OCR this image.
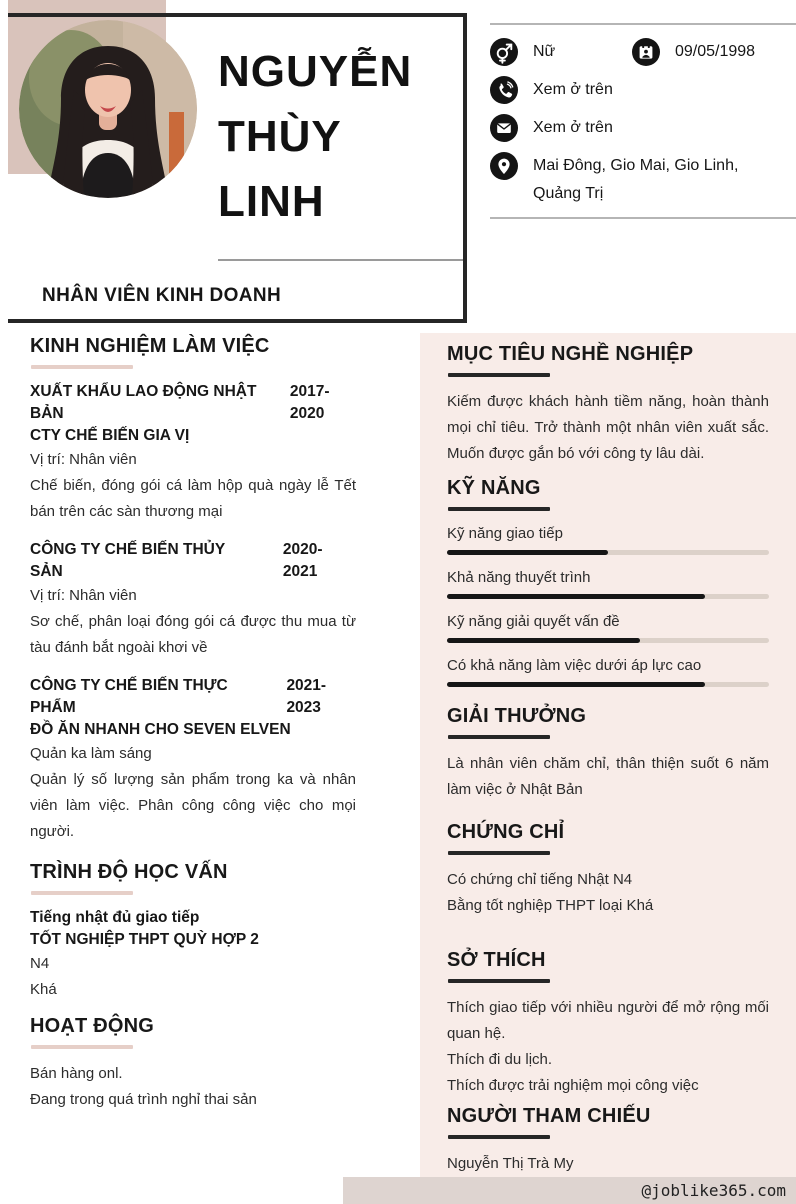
NGUYỄN
THÙY
LINH
NHÂN VIÊN KINH DOANH
Nữ	09/05/1998
Xem ở trên
Xem ở trên
Mai Đông, Gio Mai, Gio Linh, Quảng Trị
KINH NGHIỆM LÀM VIỆC
XUẤT KHẨU LAO ĐỘNG NHẬT BẢN
2017-2020
CTY CHẾ BIẾN GIA VỊ

Vị trí: Nhân viên

Chế biến, đóng gói cá làm hộp quà ngày lễ Tết bán trên các sàn thương mại

CÔNG TY CHẾ BIẾN THỦY SẢN
2020-2021

Vị trí: Nhân viên

Sơ chế, phân loại đóng gói cá được thu mua từ tàu đánh bắt ngoài khơi về

CÔNG TY CHẾ BIẾN THỰC PHẨM
2021-2023
ĐỒ ĂN NHANH CHO SEVEN ELVEN

Quản ka làm sáng

Quản lý số lượng sản phẩm trong ka và nhân viên làm việc. Phân công công việc cho mọi người.

TRÌNH ĐỘ HỌC VẤN

Tiếng nhật đủ giao tiếp

TỐT NGHIỆP THPT QUỲ HỢP 2

N4

Khá

HOẠT ĐỘNG

Bán hàng onl.

Đang trong quá trình nghỉ thai sản

MỤC TIÊU NGHỀ NGHIỆP

Kiếm được khách hành tiềm năng, hoàn thành mọi chỉ tiêu. Trở thành một nhân viên xuất sắc. Muốn được gắn bó với công ty lâu dài.

KỸ NĂNG
Kỹ năng giao tiếp
Khả năng thuyết trình
Kỹ năng giải quyết vấn đề
Có khả năng làm việc dưới áp lực cao
GIẢI THƯỞNG

Là nhân viên chăm chỉ, thân thiện suốt 6 năm làm việc ở Nhật Bản

CHỨNG CHỈ

Có chứng chỉ tiếng Nhật N4

Bằng tốt nghiệp THPT loại Khá

SỞ THÍCH

Thích giao tiếp với nhiều người để mở rộng mối quan hệ.

Thích đi du lịch.

Thích được trải nghiệm mọi công việc

NGƯỜI THAM CHIẾU

Nguyễn Thị Trà My

@joblike365.com
